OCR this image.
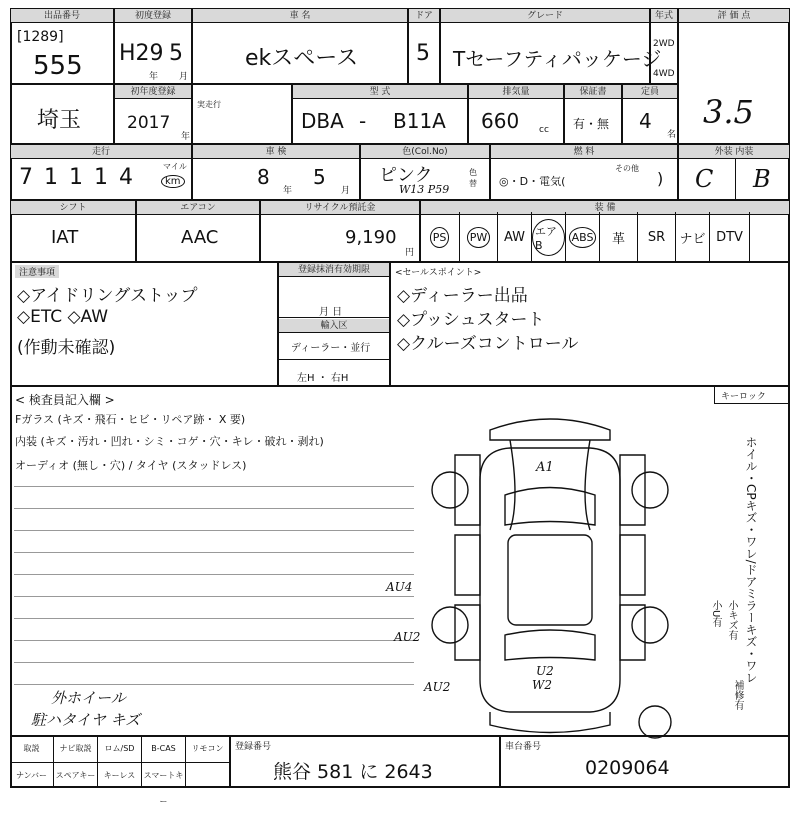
出品番号
[1289]
555
初度登録
H29 5
年 月
車 名
ekスペース
ドア
5
グレード
Tセーフティパッケージ
年式
2WD
4WD
評 価 点
3.5
埼玉
初年度登録
2017
年
実走行
型 式
DBA - B11A
排気量
660 cc
保証書
有・無
定員
4
名
走行
7 1 1 1 4	マイル
km
車 検
8
年
5
月
色(Col.No)
ピンク
W13 P59
色替
燃 料
◎・D・電気(
その他
)
外装 内装
C B
シフト
IAT
エアコン
AAC
リサイクル預託金
9,190
円
装 備
注意事項
◇アイドリングストップ
◇ETC ◇AW
(作動未確認)
登録抹消有効期限
月 日
輸入区
ディーラー・並行
左H ・ 右H
<セールスポイント>
◇ディーラー出品
◇プッシュスタート
◇クルーズコントロール
< 検査員記入欄 >
Fガラス (キズ・飛石・ヒビ・リペア跡・ X 要)
内装 (キズ・汚れ・凹れ・シミ・コゲ・穴・キレ・破れ・剥れ)
オーディオ (無し・穴) / タイヤ (スタッドレス)
外ホイール
駐ハタイヤ キズ
A1
AU4
AU2
AU2
U2
W2
キーロック
ホイル・CPキズ・ワレ/ドアミラーキズ・ワレ
小キズ有
小U有
補修有
登録番号
熊谷 581 に 2643
車台番号
0209064
PS PW AW エアB
ABS 革 SR ナビ DTV
取説
ナンバー
ナビ取説
スペアキー
ロム/SD
キーレス
B-CAS
スマートキー
リモコン
